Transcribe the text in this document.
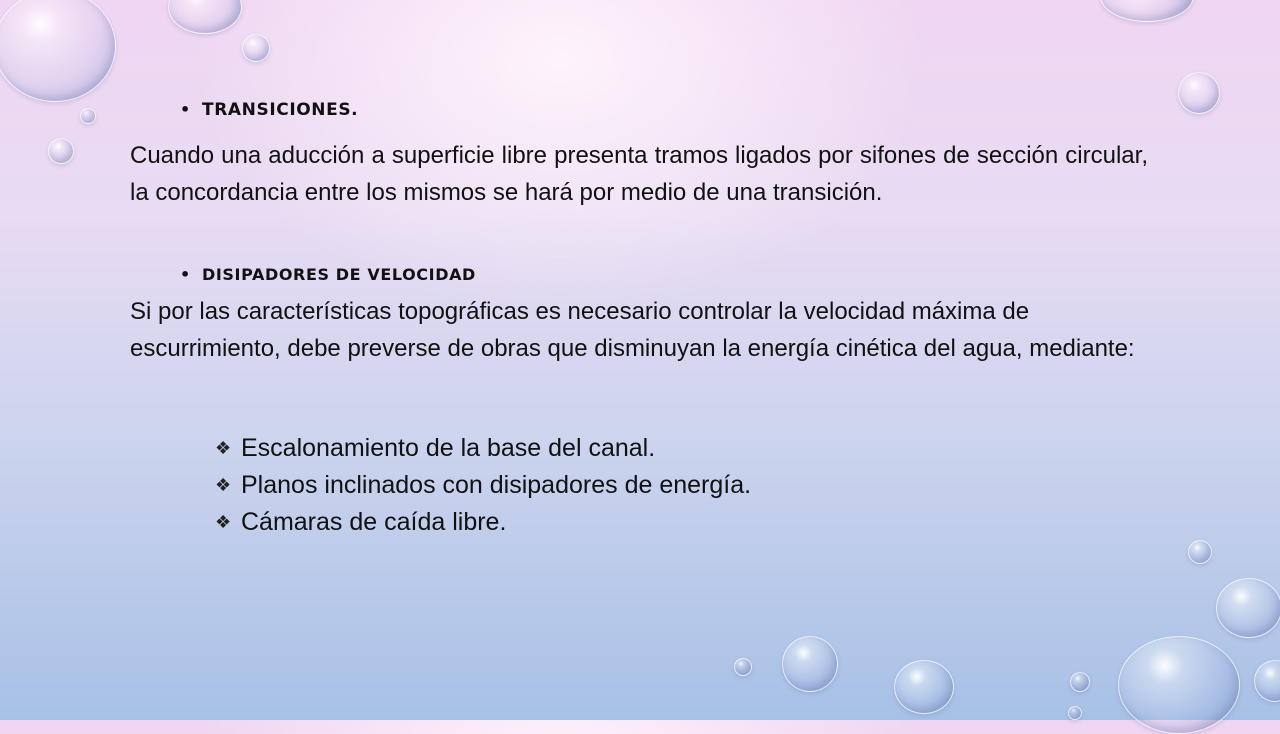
• TRANSICIONES.
Cuando una aducción a superficie libre presenta tramos ligados por sifones de sección circular, la concordancia entre los mismos se hará por medio de una transición.
• DISIPADORES DE VELOCIDAD
Si por las características topográficas es necesario controlar la velocidad máxima de escurrimiento, debe preverse de obras que disminuyan la energía cinética del agua, mediante:
❖ Escalonamiento de la base del canal.
❖ Planos inclinados con disipadores de energía.
❖ Cámaras de caída libre.
